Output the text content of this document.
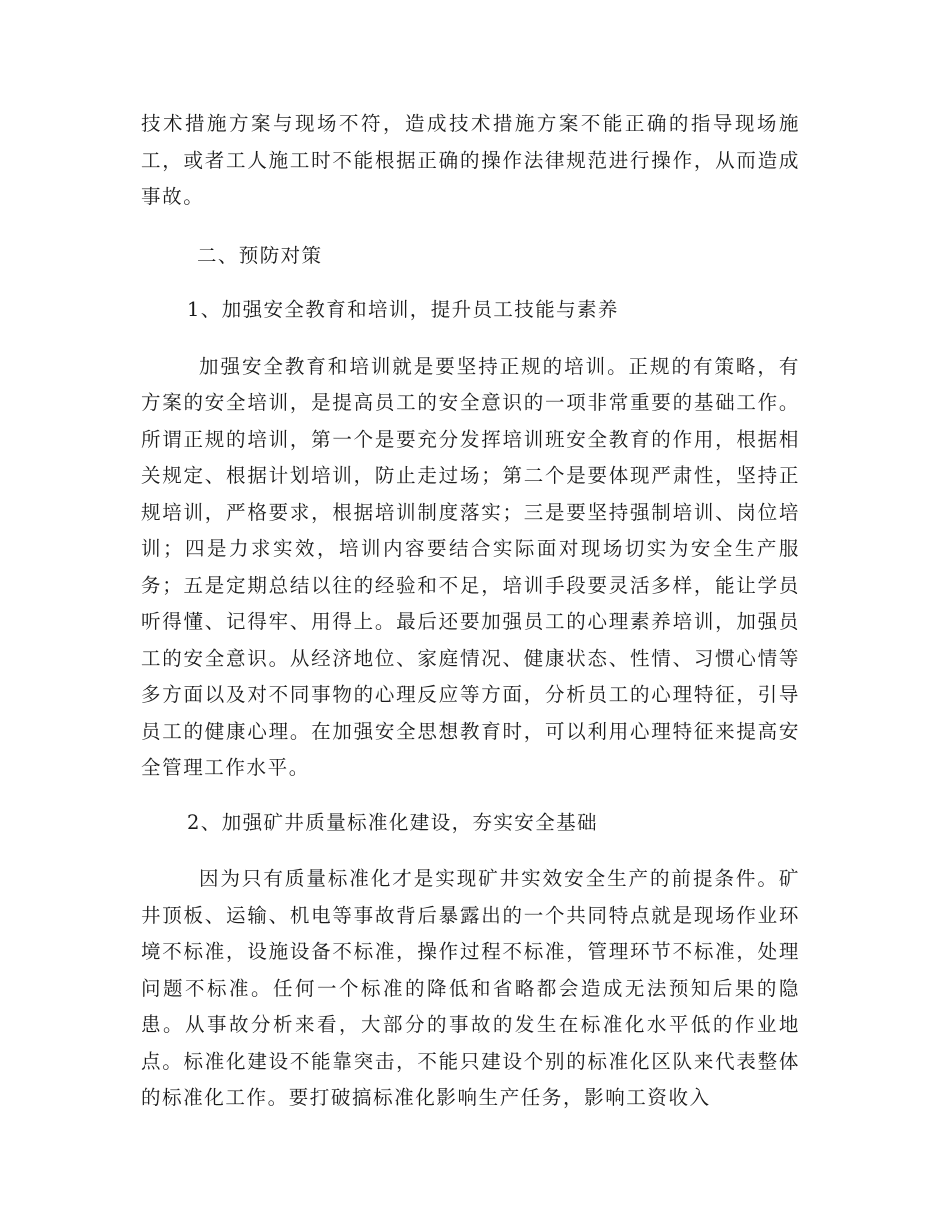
技术措施方案与现场不符，造成技术措施方案不能正确的指导现场施工，或者工人施工时不能根据正确的操作法律规范进行操作，从而造成事故。

二、预防对策

1、加强安全教育和培训，提升员工技能与素养

加强安全教育和培训就是要坚持正规的培训。正规的有策略，有方案的安全培训，是提高员工的安全意识的一项非常重要的基础工作。所谓正规的培训，第一个是要充分发挥培训班安全教育的作用，根据相关规定、根据计划培训，防止走过场；第二个是要体现严肃性，坚持正规培训，严格要求，根据培训制度落实；三是要坚持强制培训、岗位培训；四是力求实效，培训内容要结合实际面对现场切实为安全生产服务；五是定期总结以往的经验和不足，培训手段要灵活多样，能让学员听得懂、记得牢、用得上。最后还要加强员工的心理素养培训，加强员工的安全意识。从经济地位、家庭情况、健康状态、性情、习惯心情等多方面以及对不同事物的心理反应等方面，分析员工的心理特征，引导员工的健康心理。在加强安全思想教育时，可以利用心理特征来提高安全管理工作水平。

2、加强矿井质量标准化建设，夯实安全基础

因为只有质量标准化才是实现矿井实效安全生产的前提条件。矿井顶板、运输、机电等事故背后暴露出的一个共同特点就是现场作业环境不标准，设施设备不标准，操作过程不标准，管理环节不标准，处理问题不标准。任何一个标准的降低和省略都会造成无法预知后果的隐患。从事故分析来看，大部分的事故的发生在标准化水平低的作业地点。标准化建设不能靠突击，不能只建设个别的标准化区队来代表整体的标准化工作。要打破搞标准化影响生产任务，影响工资收入
